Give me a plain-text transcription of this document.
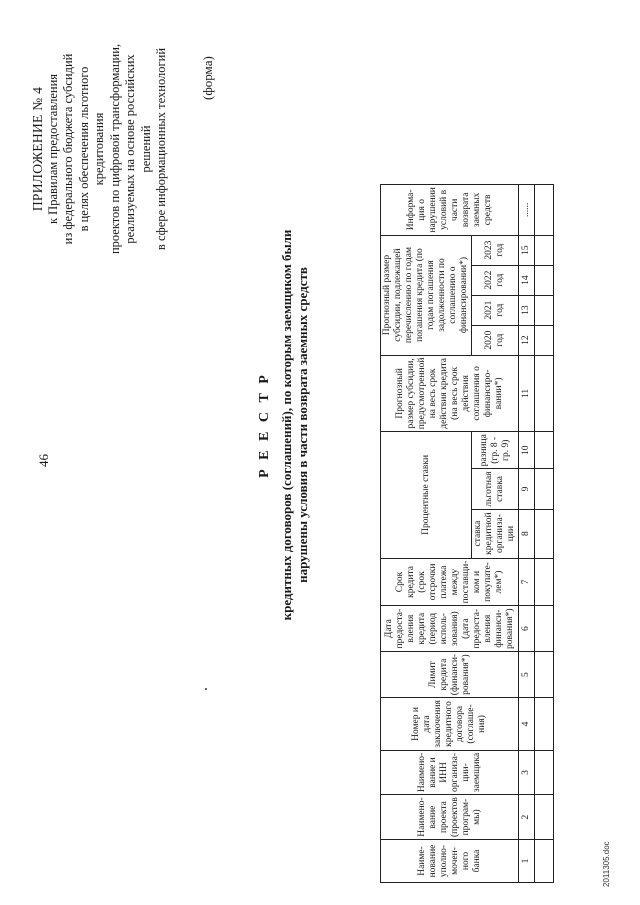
46
ПРИЛОЖЕНИЕ № 4 к Правилам предоставления из федерального бюджета субсидий в целях обеспечения льготного кредитования проектов по цифровой трансформации, реализуемых на основе российских решений в сфере информационных технологий (форма)
Р Е Е С Т Р кредитных договоров (соглашений), по которым заемщиком были нарушены условия в части возврата заемных средств
Наиме-нование уполно-мочен-ного банка	Наимено-вание проекта (проектов програм-мы)	Наимено-вание и ИНН организа-ции-заемщика	Номер и дата заключения кредитного договора (соглаше-ния)	Лимит кредита (финанси-рования*)	Дата предоста-вления кредита (период исполь-зования) (дата предоста-вления финанси-рования*)	Срок кредита (срок отсрочки платежа между поставщи-ком и покупате-лем*)	Процентные ставки			Прогнозный размер субсидии, предусмотренной на весь срок действия кредита (на весь срок действия соглашения о финансиро-вании*)	Прогнозный размер субсидии, подлежащей перечислению по годам погашения кредита (по годам погашения задолженности по соглашению о финансировании*)				Информа-ция о нарушении условий в части возврата заемных средств
							ставка кредитной организа-ции	льготная ставка	разница (гр. 8 - гр. 9)		2020 год	2021 год	2022 год	2023 год	
1	2	3	4	5	6	7	8	9	10	11	12	13	14	15	......

2011305.doc
